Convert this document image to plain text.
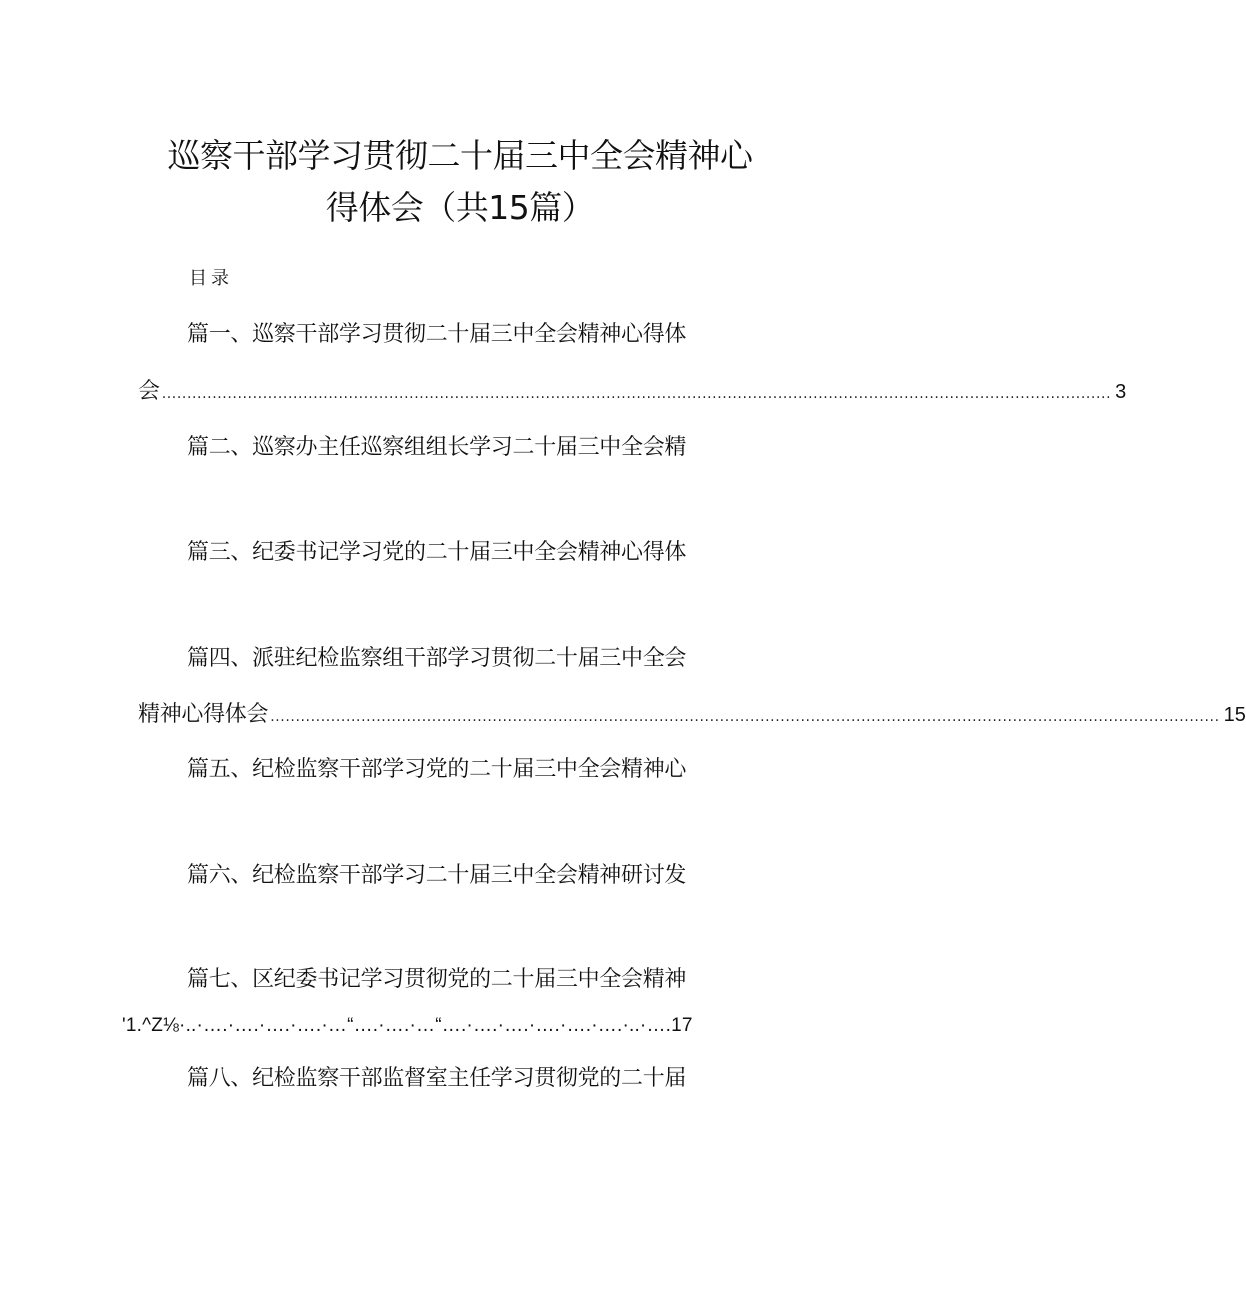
巡察干部学习贯彻二十届三中全会精神心
得体会（共15篇）
目录
篇一、巡察干部学习贯彻二十届三中全会精神心得体
会 ............................................................................................................................................................................................ 3
篇二、巡察办主任巡察组组长学习二十届三中全会精
篇三、纪委书记学习党的二十届三中全会精神心得体
篇四、派驻纪检监察组干部学习贯彻二十届三中全会
精神心得体会 ............................................................................................................................................................................................ 15
篇五、纪检监察干部学习党的二十届三中全会精神心
篇六、纪检监察干部学习二十届三中全会精神研讨发
篇七、区纪委书记学习贯彻党的二十届三中全会精神
'1.^Z⅛·..·….·….·….·….·…“….·….·…“….·….·….·….·….·….·..·….17
篇八、纪检监察干部监督室主任学习贯彻党的二十届
